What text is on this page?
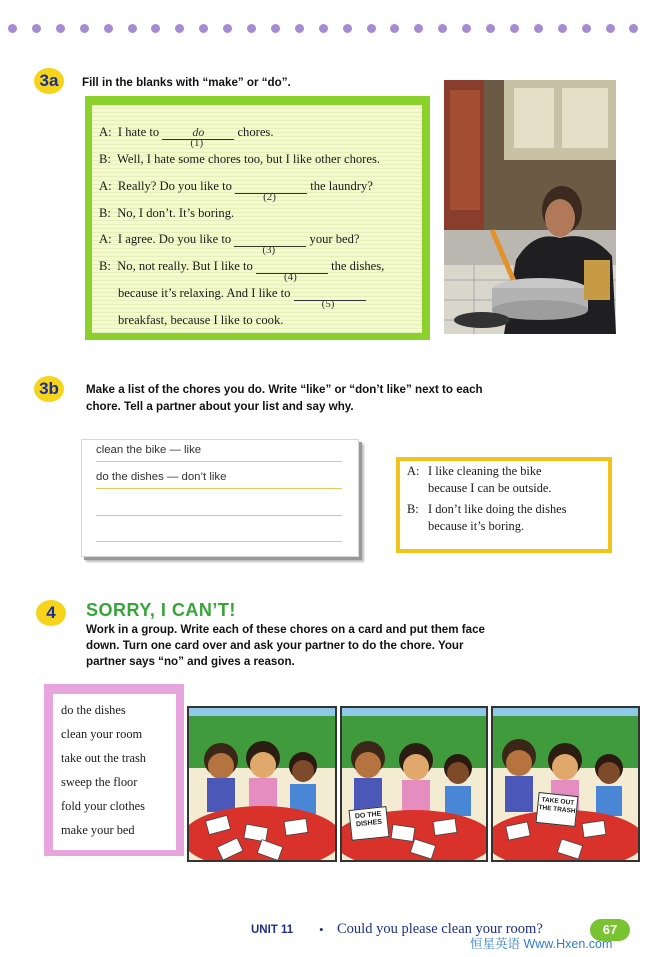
3a	Fill in the blanks with “make” or “do”.
A: I hate to	do
(1)
chores.
B: Well, I hate some chores too, but I like other chores.
A: Really? Do you like to
(2)
the laundry?
B: No, I don’t. It’s boring.
A: I agree. Do you like to
(3)
your bed?
B: No, not really. But I like to
(4)
the dishes,
because it’s relaxing. And I like to
(5)
breakfast, because I like to cook.
3b	Make a list of the chores you do. Write “like” or “don’t like” next to each
chore. Tell a partner about your list and say why.
clean the bike — like
do the dishes — don’t like	A: I like cleaning the bike
because I can be outside.
B: I don’t like doing the dishes
because it’s boring.
4	SORRY, I CAN’T!
Work in a group. Write each of these chores on a card and put them face
down. Turn one card over and ask your partner to do the chore. Your
partner says “no” and gives a reason.
do the dishes
clean your room
take out the trash
sweep the floor
fold your clothes
make your bed
DO THE DISHES
TAKE OUT THE TRASH
UNIT 11 • Could you please clean your room?	67
恒星英语 Www.Hxen.com
